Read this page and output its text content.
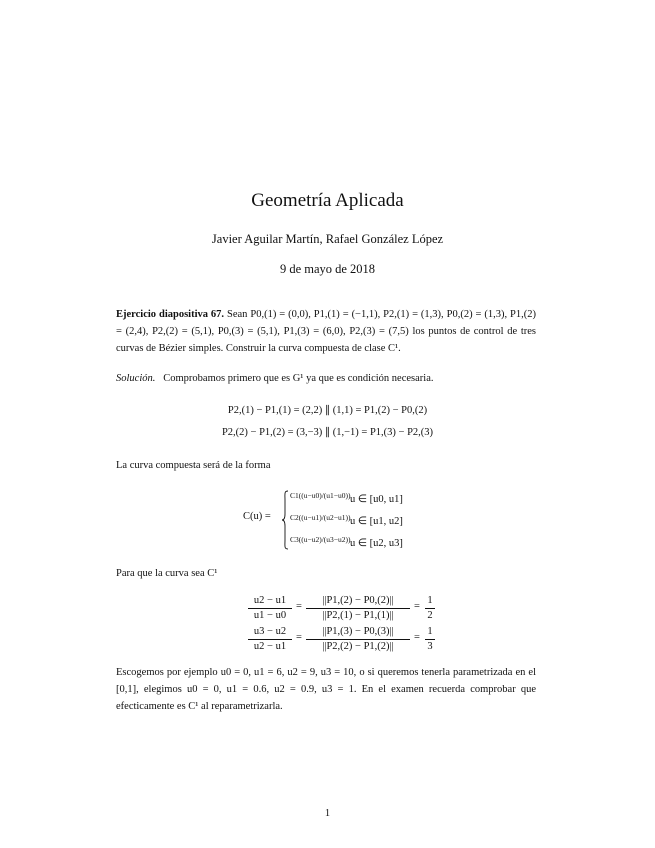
Geometría Aplicada
Javier Aguilar Martín, Rafael González López
9 de mayo de 2018
Ejercicio diapositiva 67. Sean P0,(1) = (0,0), P1,(1) = (−1,1), P2,(1) = (1,3), P0,(2) = (1,3), P1,(2) = (2,4), P2,(2) = (5,1), P0,(3) = (5,1), P1,(3) = (6,0), P2,(3) = (7,5) los puntos de control de tres curvas de Bézier simples. Construir la curva compuesta de clase C¹.
Solución. Comprobamos primero que es G¹ ya que es condición necesaria.
P2,(1) − P1,(1) = (2,2) ∥ (1,1) = P1,(2) − P0,(2)
P2,(2) − P1,(2) = (3,−3) ∥ (1,−1) = P1,(3) − P2,(3)
La curva compuesta será de la forma
C(u) =
C1((u−u0)/(u1−u0)) u ∈ [u0, u1]
C2((u−u1)/(u2−u1)) u ∈ [u1, u2]
C3((u−u2)/(u3−u2)) u ∈ [u2, u3]
Para que la curva sea C¹
u2 − u1
u1 − u0
=
||P1,(2) − P0,(2)||
||P2,(1) − P1,(1)||
=
1
2
u3 − u2
u2 − u1
=
||P1,(3) − P0,(3)||
||P2,(2) − P1,(2)||
=
1
3
Escogemos por ejemplo u0 = 0, u1 = 6, u2 = 9, u3 = 10, o si queremos tenerla parametrizada en el [0,1], elegimos u0 = 0, u1 = 0.6, u2 = 0.9, u3 = 1. En el examen recuerda comprobar que efecticamente es C¹ al reparametrizarla.
1
